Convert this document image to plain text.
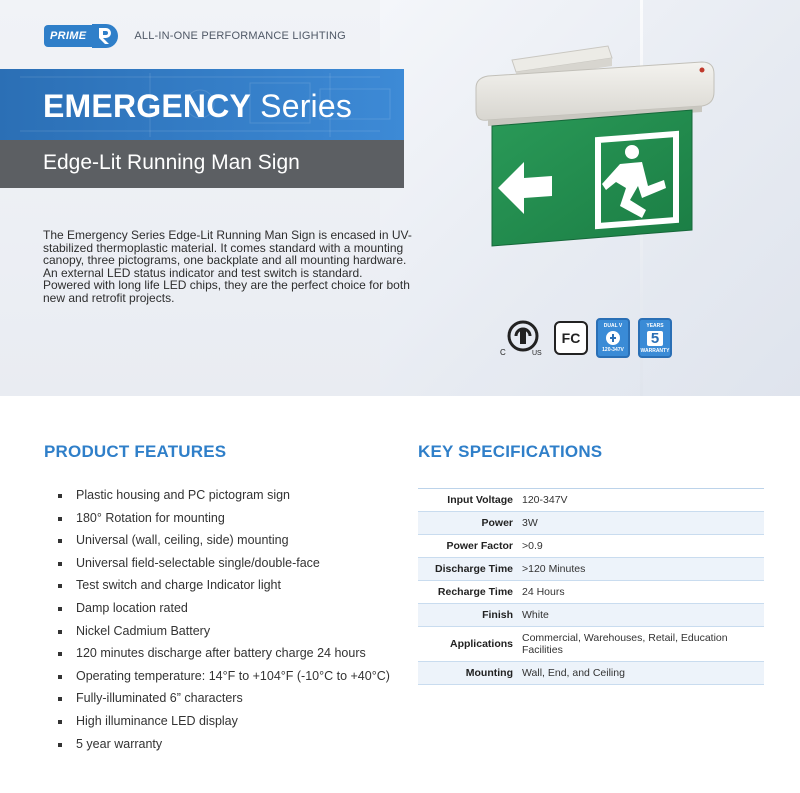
PRIME	ALL-IN-ONE PERFORMANCE LIGHTING
EMERGENCY Series
Edge-Lit Running Man Sign

The Emergency Series Edge-Lit Running Man Sign is encased in UV-stabilized thermoplastic material. It comes standard with a mounting canopy, three pictograms, one backplate and all mounting hardware. An external LED status indicator and test switch is standard. Powered with long life LED chips, they are the perfect choice for both new and retrofit projects.

C	US
FC
DUAL V
120-347V
YEARS
5
WARRANTY
PRODUCT FEATURES	KEY SPECIFICATIONS
Plastic housing and PC pictogram sign
180° Rotation for mounting
Universal (wall, ceiling, side) mounting
Universal field-selectable single/double-face
Test switch and charge Indicator light
Damp location rated
Nickel Cadmium Battery
120 minutes discharge after battery charge 24 hours
Operating temperature: 14°F to +104°F (-10°C to +40°C)
Fully-illuminated 6” characters
High illuminance LED display
5 year warranty
Input Voltage 120-347V
Power 3W
Power Factor >0.9
Discharge Time >120 Minutes
Recharge Time 24 Hours
Finish White
Applications Commercial, Warehouses, Retail, Education Facilities
Mounting Wall, End, and Ceiling
